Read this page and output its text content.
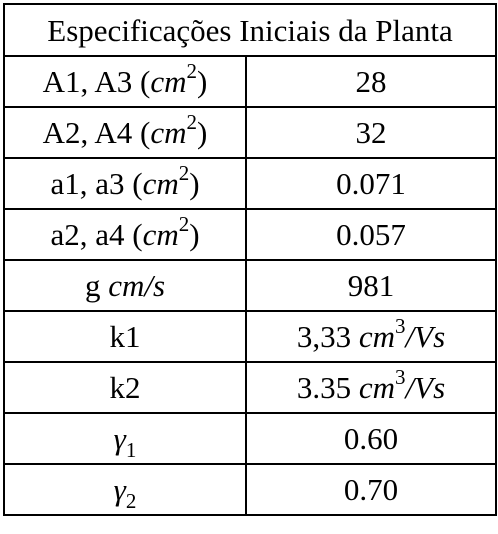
Especificações Iniciais da Planta	
A1, A3 $(cm^2)$	28
A2, A4 $(cm^2)$	32
a1, a3 $(cm^2)$	0.071
a2, a4 $(cm^2)$	0.057
g cm/s	981
k1	3,33 $cm^3/Vs$
k2	3.35 $cm^3/Vs$
$\gamma_1$	0.60
$\gamma_2$	0.70
